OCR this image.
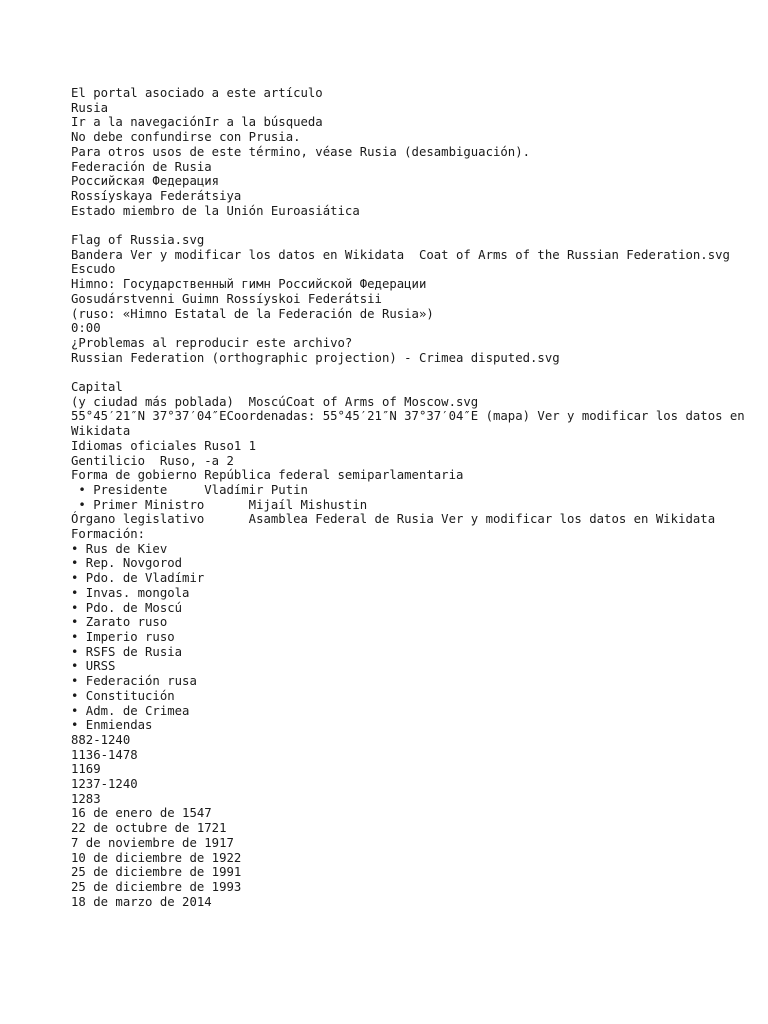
El portal asociado a este artículo
Rusia
Ir a la navegaciónIr a la búsqueda
No debe confundirse con Prusia.
Para otros usos de este término, véase Rusia (desambiguación).
Federación de Rusia
Российская Федерация
Rossíyskaya Federátsiya
Estado miembro de la Unión Euroasiática
Flag of Russia.svg
Bandera Ver y modificar los datos en Wikidata  Coat of Arms of the Russian Federation.svg
Escudo
Himno: Государственный гимн Российской Федерации
Gosudárstvenni Guimn Rossíyskoi Federátsii
(ruso: «Himno Estatal de la Federación de Rusia»)
0:00
¿Problemas al reproducir este archivo?
Russian Federation (orthographic projection) - Crimea disputed.svg
Capital
(y ciudad más poblada)  MoscúCoat of Arms of Moscow.svg
55°45′21″N 37°37′04″ECoordenadas: 55°45′21″N 37°37′04″E (mapa) Ver y modificar los datos en Wikidata
Idiomas oficiales Ruso1 1
Gentilicio  Ruso, -a 2
Forma de gobierno República federal semiparlamentaria
• Presidente     Vladímir Putin
• Primer Ministro      Mijaíl Mishustin
Órgano legislativo      Asamblea Federal de Rusia Ver y modificar los datos en Wikidata
Formación:
• Rus de Kiev
• Rep. Novgorod
• Pdo. de Vladímir
• Invas. mongola
• Pdo. de Moscú
• Zarato ruso
• Imperio ruso
• RSFS de Rusia
• URSS
• Federación rusa
• Constitución
• Adm. de Crimea
• Enmiendas
882-1240
1136-1478
1169
1237-1240
1283
16 de enero de 1547
22 de octubre de 1721
7 de noviembre de 1917
10 de diciembre de 1922
25 de diciembre de 1991
25 de diciembre de 1993
18 de marzo de 2014
